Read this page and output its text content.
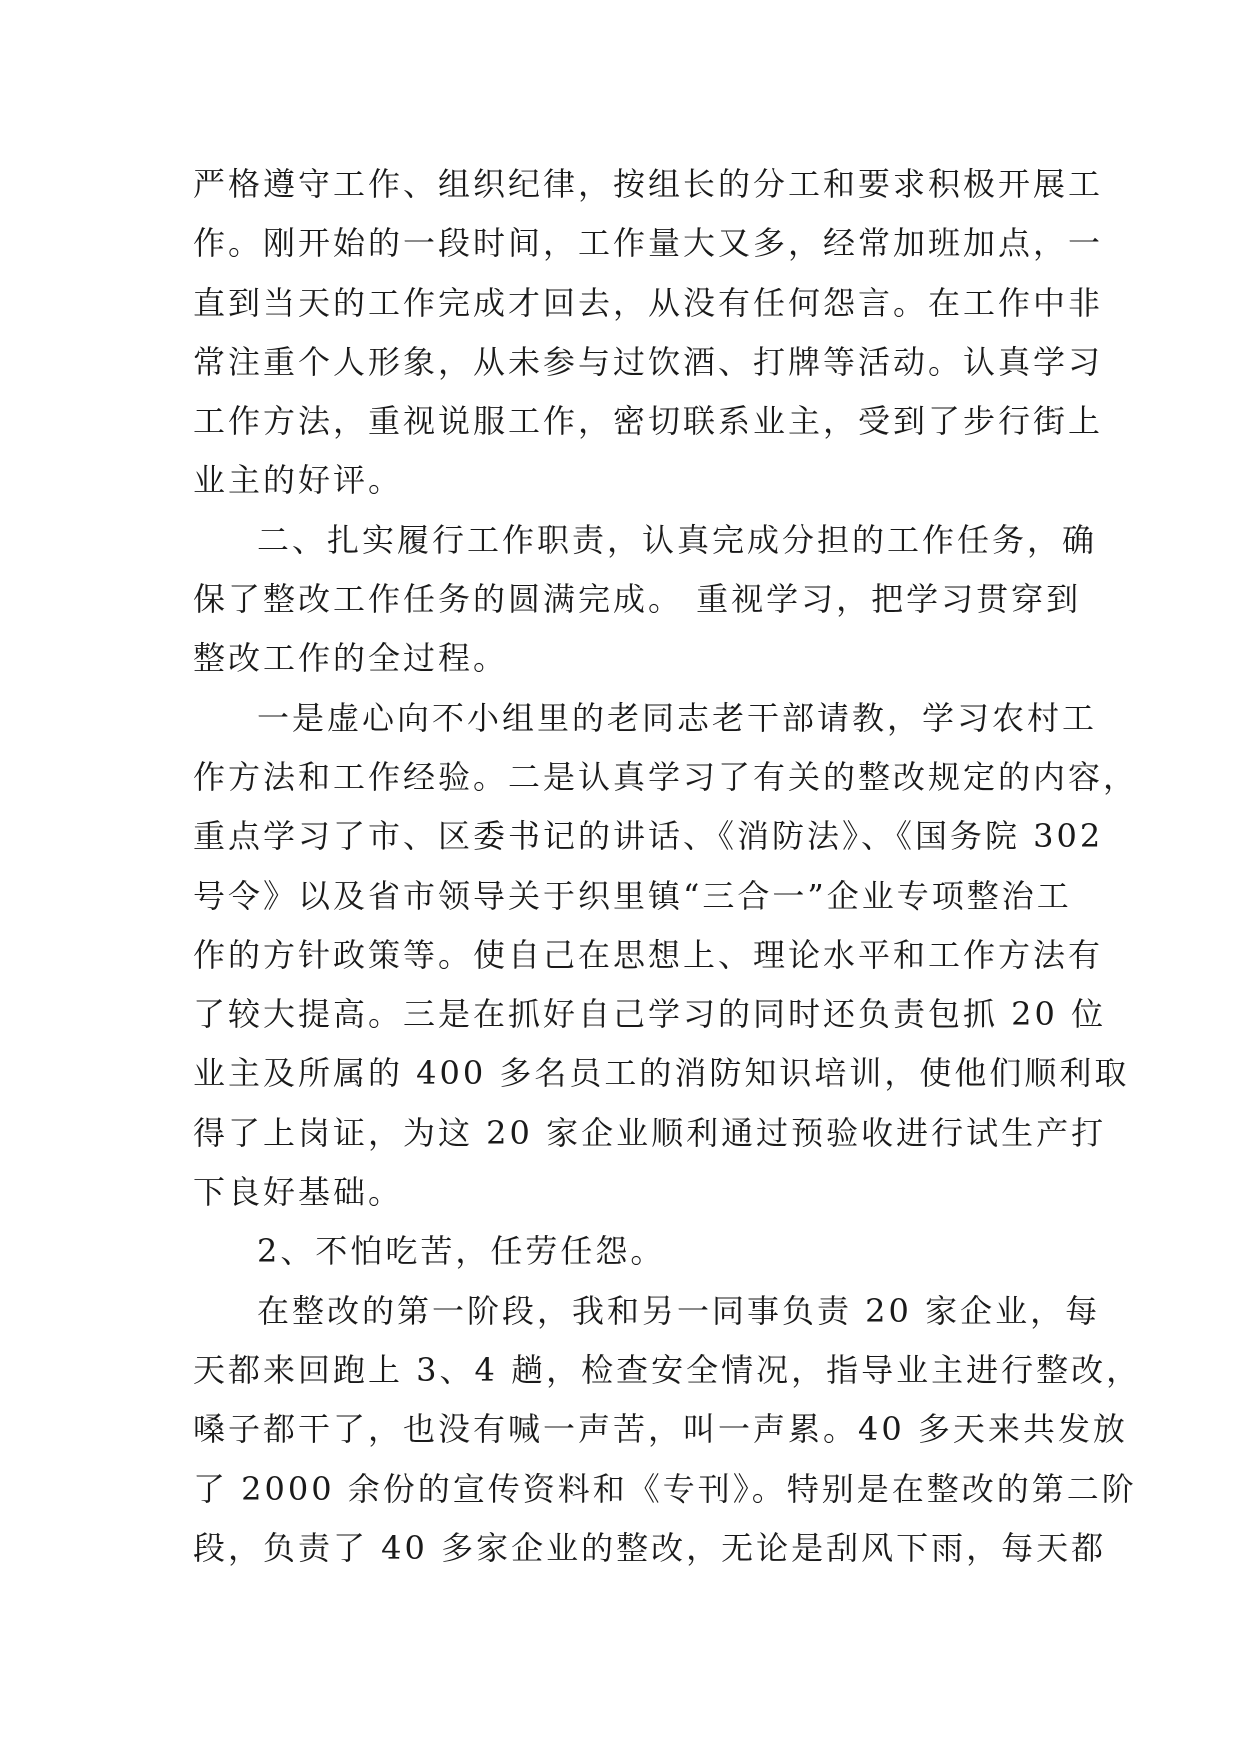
严格遵守工作、组织纪律，按组长的分工和要求积极开展工
作。刚开始的一段时间，工作量大又多，经常加班加点，一
直到当天的工作完成才回去，从没有任何怨言。在工作中非
常注重个人形象，从未参与过饮酒、打牌等活动。认真学习
工作方法，重视说服工作，密切联系业主，受到了步行街上
业主的好评。
二、扎实履行工作职责，认真完成分担的工作任务，确
保了整改工作任务的圆满完成。 重视学习，把学习贯穿到
整改工作的全过程。
一是虚心向不小组里的老同志老干部请教，学习农村工
作方法和工作经验。二是认真学习了有关的整改规定的内容，
重点学习了市、区委书记的讲话、《消防法》、《国务院 302
号令》以及省市领导关于织里镇“三合一”企业专项整治工
作的方针政策等。使自己在思想上、理论水平和工作方法有
了较大提高。三是在抓好自己学习的同时还负责包抓 20 位
业主及所属的 400 多名员工的消防知识培训，使他们顺利取
得了上岗证，为这 20 家企业顺利通过预验收进行试生产打
下良好基础。
2、不怕吃苦，任劳任怨。
在整改的第一阶段，我和另一同事负责 20 家企业，每
天都来回跑上 3、4 趟，检查安全情况，指导业主进行整改，
嗓子都干了，也没有喊一声苦，叫一声累。40 多天来共发放
了 2000 余份的宣传资料和《专刊》。特别是在整改的第二阶
段，负责了 40 多家企业的整改，无论是刮风下雨，每天都
